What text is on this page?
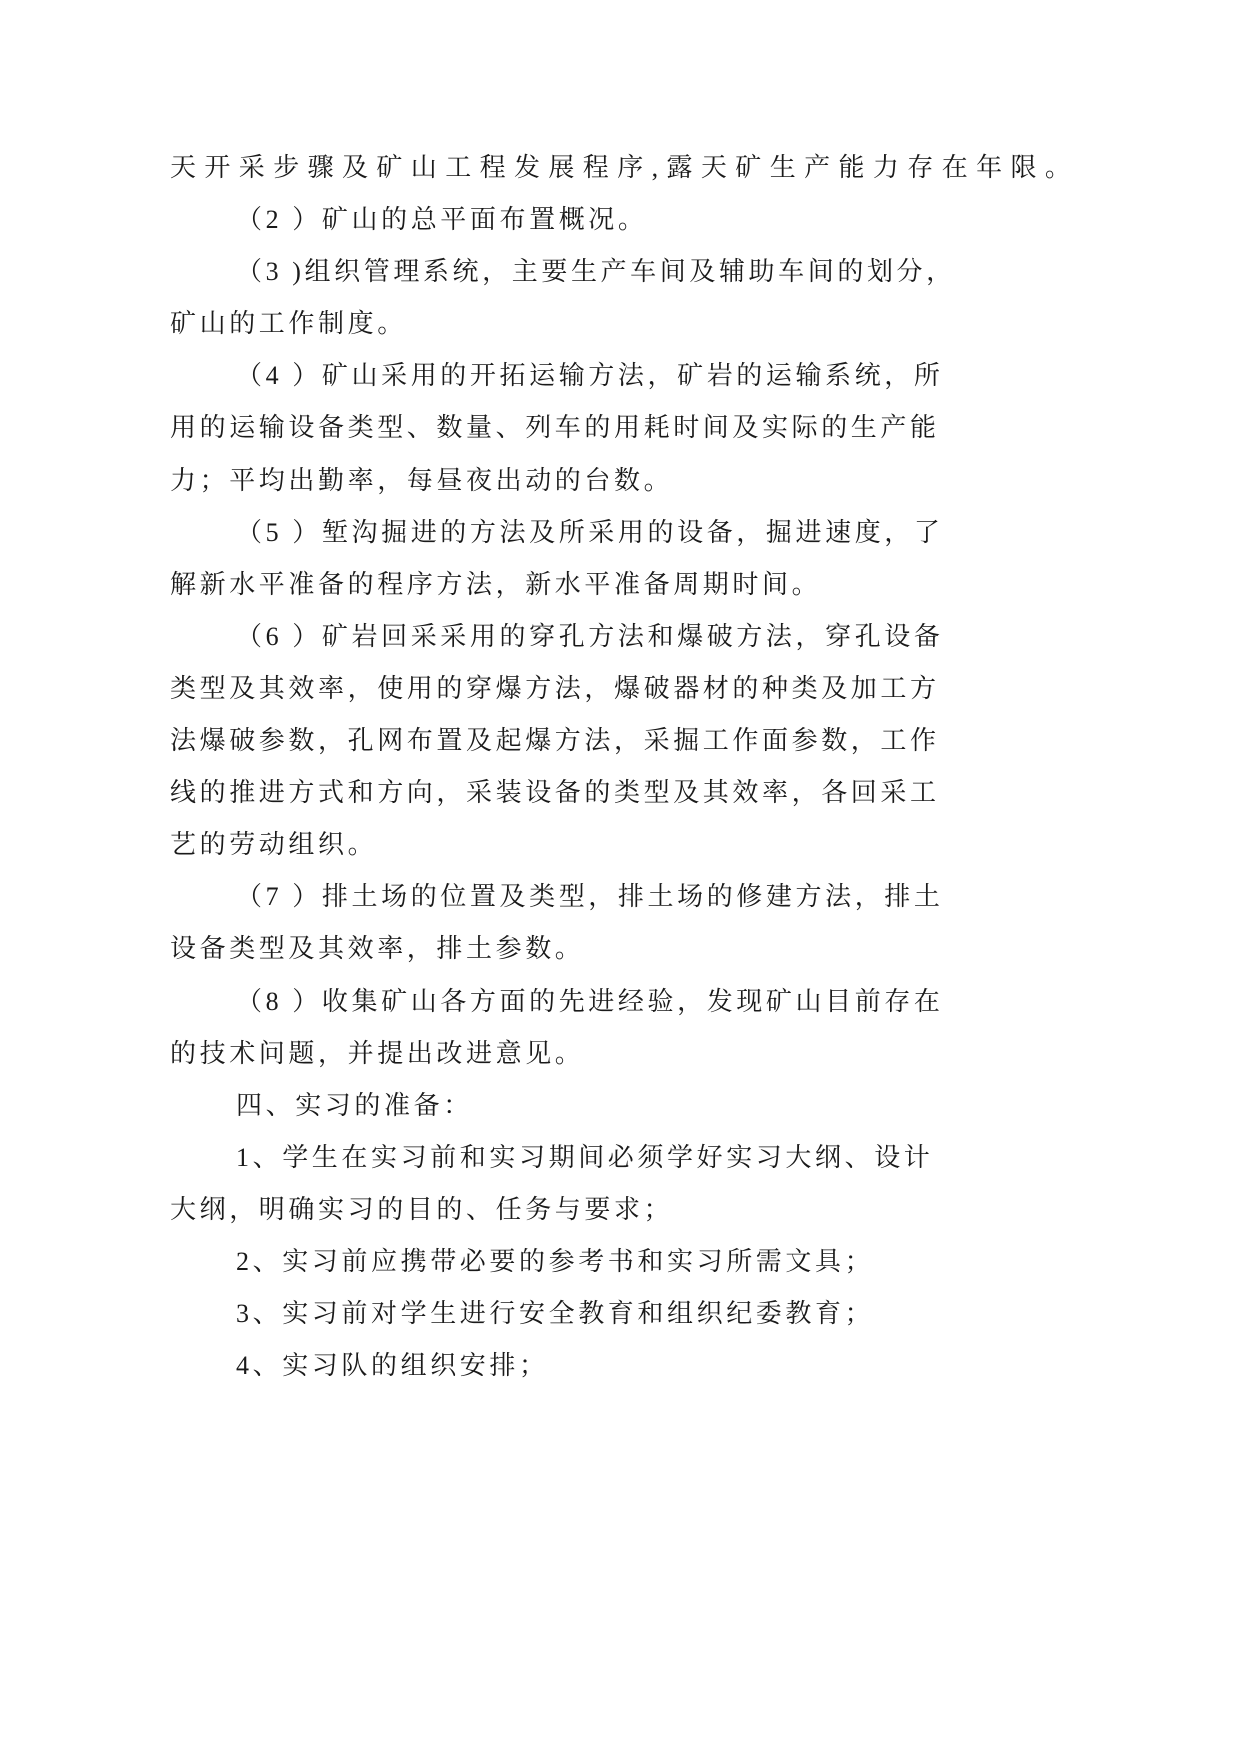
天开采步骤及矿山工程发展程序,露天矿生产能力存在年限。
（2 ）矿山的总平面布置概况。
（3 )组织管理系统，主要生产车间及辅助车间的划分，
矿山的工作制度。
（4 ）矿山采用的开拓运输方法，矿岩的运输系统，所
用的运输设备类型、数量、列车的用耗时间及实际的生产能
力；平均出勤率，每昼夜出动的台数。
（5 ）堑沟掘进的方法及所采用的设备，掘进速度，了
解新水平准备的程序方法，新水平准备周期时间。
（6 ）矿岩回采采用的穿孔方法和爆破方法，穿孔设备
类型及其效率，使用的穿爆方法，爆破器材的种类及加工方
法爆破参数，孔网布置及起爆方法，采掘工作面参数，工作
线的推进方式和方向，采装设备的类型及其效率，各回采工
艺的劳动组织。
（7 ）排土场的位置及类型，排土场的修建方法，排土
设备类型及其效率，排土参数。
（8 ）收集矿山各方面的先进经验，发现矿山目前存在
的技术问题，并提出改进意见。
四、实习的准备：
1、学生在实习前和实习期间必须学好实习大纲、设计
大纲，明确实习的目的、任务与要求；
2、实习前应携带必要的参考书和实习所需文具；
3、实习前对学生进行安全教育和组织纪委教育；
4、实习队的组织安排；
